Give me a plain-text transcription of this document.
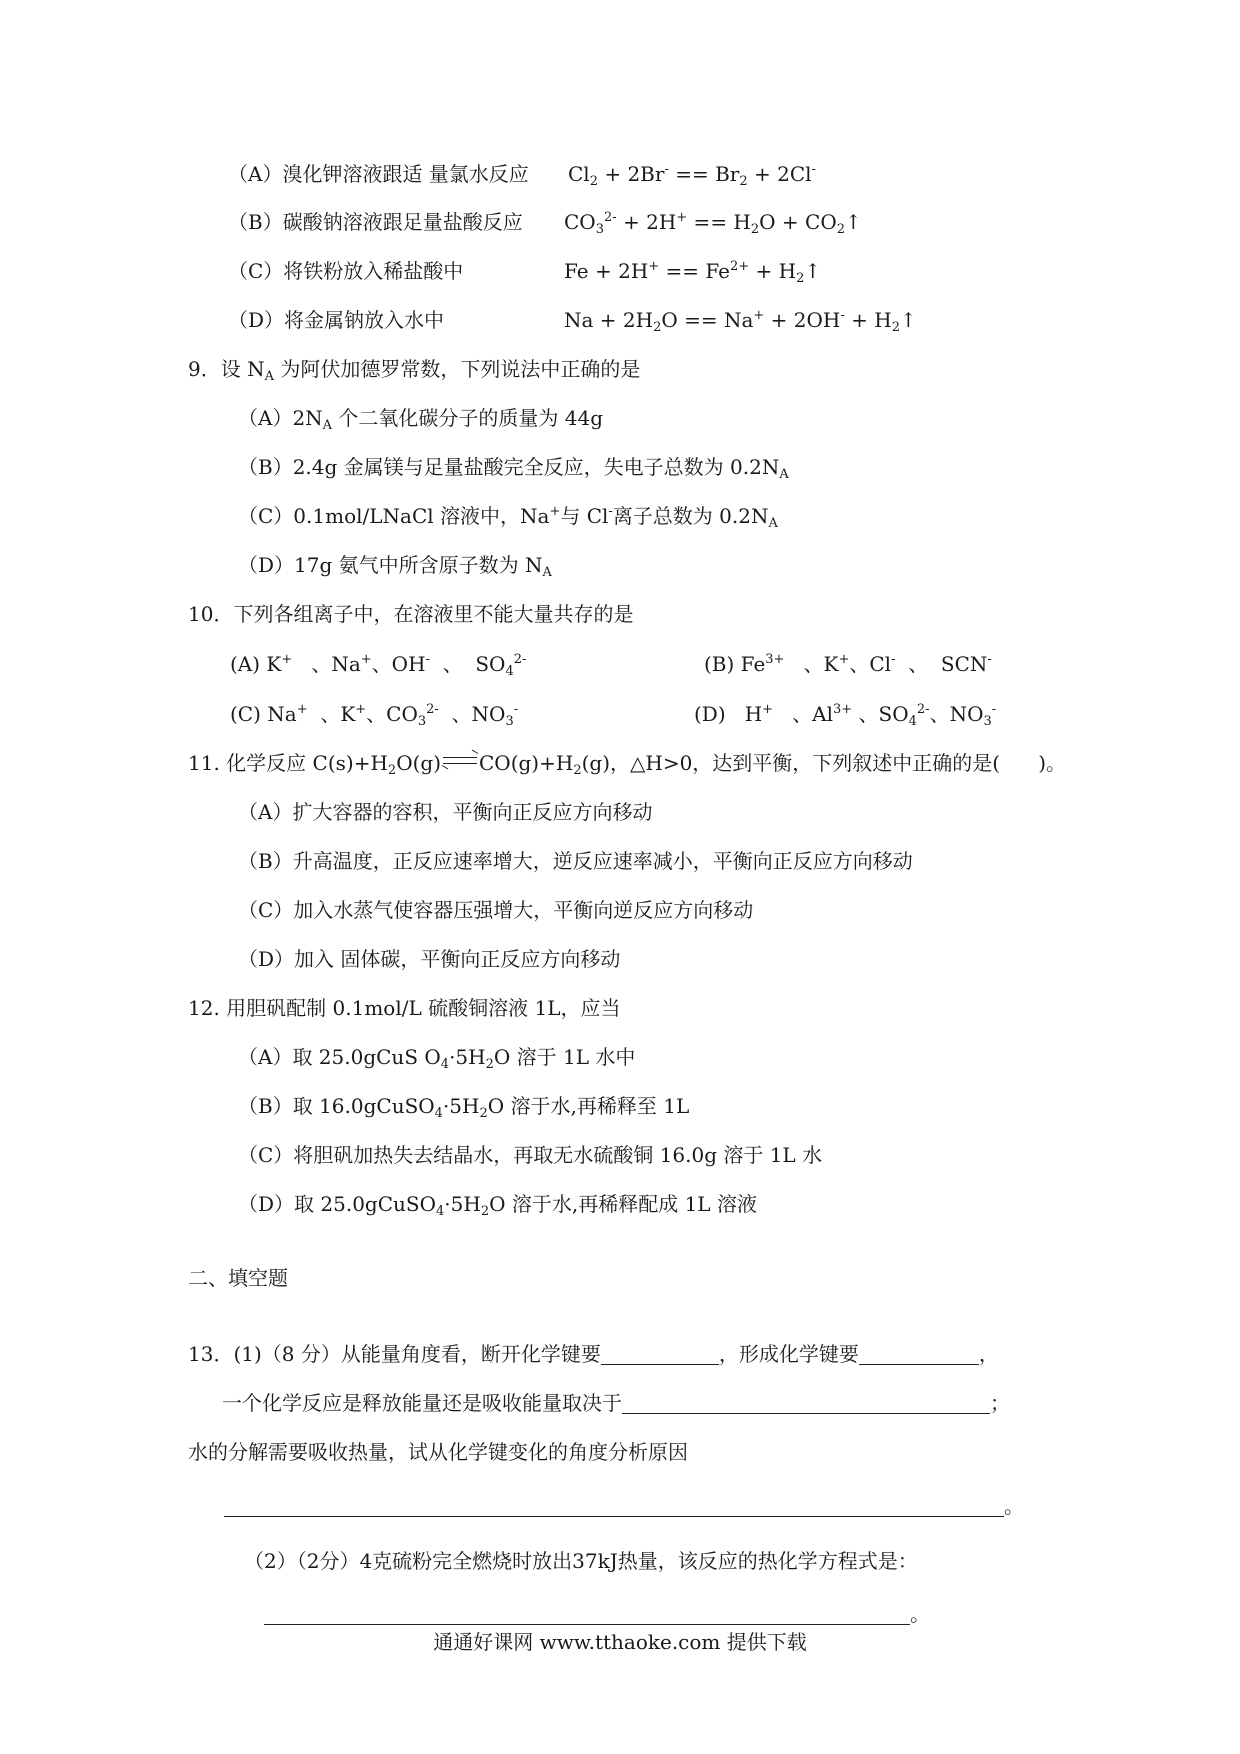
（A）溴化钾溶液跟适 量氯水反应 $Cl_2 + 2Br^- == Br_2 + 2Cl^-$
（B）碳酸钠溶液跟足量盐酸反应 $CO_3^{2-} + 2H^+ == H_2O$ + $CO_2↑$
（C）将铁粉放入稀盐酸中	$Fe + 2H^+ == Fe^{2+}$ + $H_2↑$
（D）将金属钠放入水中	$Na + 2H_2O == Na^+ + 2OH^-$ + $H_2↑$
9．设 $N_A$ 为阿伏加德罗常数，下列说法中正确的是
$(A)2N_A$ 个二氧化碳分子的质量为 44g
（B）2.4g 金属镁与足量盐酸完全反应，失电子总数为 $0.2N_A$
（C）0.1mol/LNaCl 溶液中，Na+与 Cl-离子总数为 $0.2N_A$
（D）17g 氨气中所含原子数为 $N_A$
10．下列各组离子中，在溶液里不能大量共存的是
(A) K+   、Na+、OH-  、  $SO_4^{2-}$	(B) $Fe^{3+}$   、K+、Cl-  、  SCN-
(C) Na+  、K+、$CO_3^{2-}$  、$NO_3^-$	(D)   H+   、$Al^{3+}$ 、$SO_4^{2-}$、$NO_3^-$
11. 化学反应 $C(s)+H_2O(g)$ $CO(g)+H_2(g)$，△H>0，达到平衡，下列叙述中正确的是(      )。
（A）扩大容器的容积，平衡向正反应方向移动
（B）升高温度，正反应速率增大，逆反应速率减小，平衡向正反应方向移动
（C）加入水蒸气使容器压强增大，平衡向逆反应方向移动
（D）加入 固体碳，平衡向正反应方向移动
12. 用胆矾配制 0.1mol/L 硫酸铜溶液 1L，应当
（A）取 25.0gCuS $O_4\cdot 5H_2O$ 溶于 1L 水中
（B）取 $16.0gCuSO_4\cdot 5H_2O$ 溶于水,再稀释至 1L
（C）将胆矾加热失去结晶水，再取无水硫酸铜 16.0g 溶于 1L 水
（D）取 $25.0gCuSO_4\cdot 5H_2O$ 溶于水,再稀释配成 1L 溶液
二、填空题
13．(1)（8 分）从能量角度看，断开化学键要	，形成化学键要	，
一个化学反应是释放能量还是吸收能量取决于	；
水的分解需要吸收热量，试从化学键变化的角度分析原因
。
（2）（2分）4克硫粉完全燃烧时放出37kJ热量，该反应的热化学方程式是：
。
通通好课网 www.tthaoke.com 提供下载
